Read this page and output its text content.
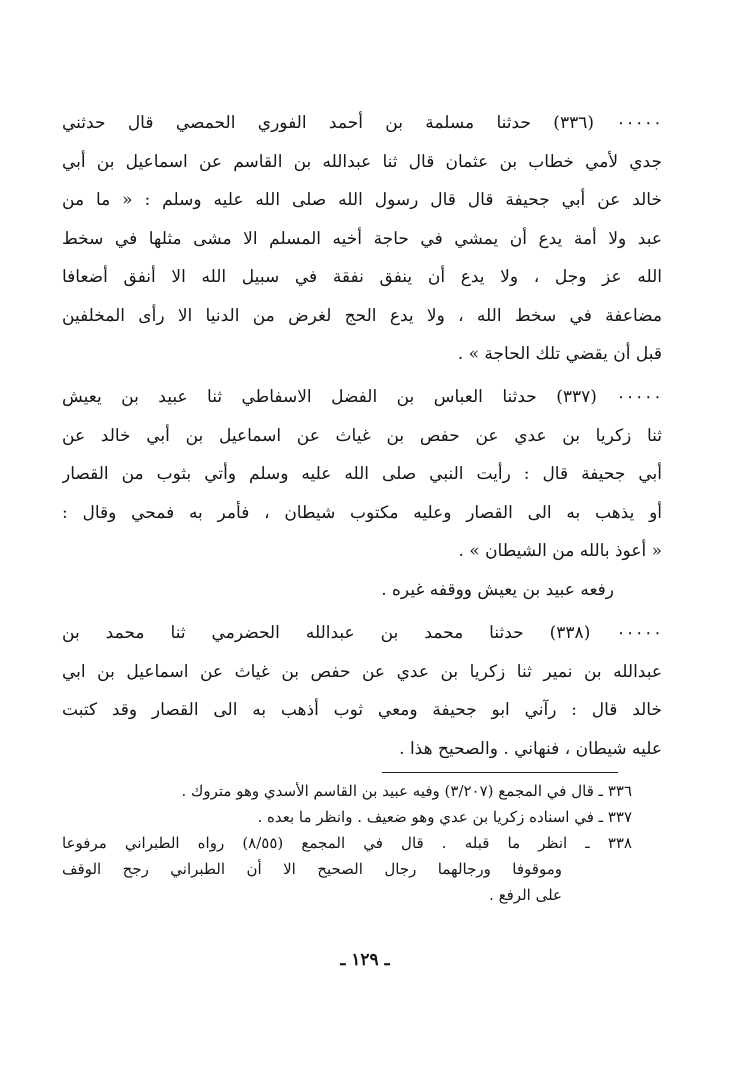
٠٠٠٠٠ (٣٣٦) حدثنا مسلمة بن أحمد الفوري الحمصي قال حدثني
جدي لأمي خطاب بن عثمان قال ثنا عبدالله بن القاسم عن اسماعيل بن أبي
خالد عن أبي جحيفة قال قال رسول الله صلى الله عليه وسلم : « ما من
عبد ولا أمة يدع أن يمشي في حاجة أخيه المسلم الا مشى مثلها في سخط
الله عز وجل ، ولا يدع أن ينفق نفقة في سبيل الله الا أنفق أضعافا
مضاعفة في سخط الله ، ولا يدع الحج لغرض من الدنيا الا رأى المخلفين
قبل أن يقضي تلك الحاجة » .
٠٠٠٠٠ (٣٣٧) حدثنا العباس بن الفضل الاسفاطي ثنا عبيد بن يعيش
ثنا زكريا بن عدي عن حفص بن غياث عن اسماعيل بن أبي خالد عن
أبي جحيفة قال : رأيت النبي صلى الله عليه وسلم وأتي بثوب من القصار
أو يذهب به الى القصار وعليه مكتوب شيطان ، فأمر به فمحي وقال :
« أعوذ بالله من الشيطان » .
رفعه عبيد بن يعيش ووقفه غيره .
٠٠٠٠٠ (٣٣٨) حدثنا محمد بن عبدالله الحضرمي ثنا محمد بن
عبدالله بن نمير ثنا زكريا بن عدي عن حفص بن غياث عن اسماعيل بن ابي
خالد قال : رآني ابو جحيفة ومعي ثوب أذهب به الى القصار وقد كتبت
عليه شيطان ، فنهاني . والصحيح هذا .
٣٣٦ ـ قال في المجمع (٣/٢٠٧) وفيه عبيد بن القاسم الأسدي وهو متروك .
٣٣٧ ـ في اسناده زكريا بن عدي وهو ضعيف . وانظر ما بعده .
٣٣٨ ـ انظر ما قبله . قال في المجمع (٨/٥٥) رواه الطبراني مرفوعا
وموقوفا ورجالهما رجال الصحيح الا أن الطبراني رجح الوقف
على الرفع .
ـ ١٢٩ ـ
